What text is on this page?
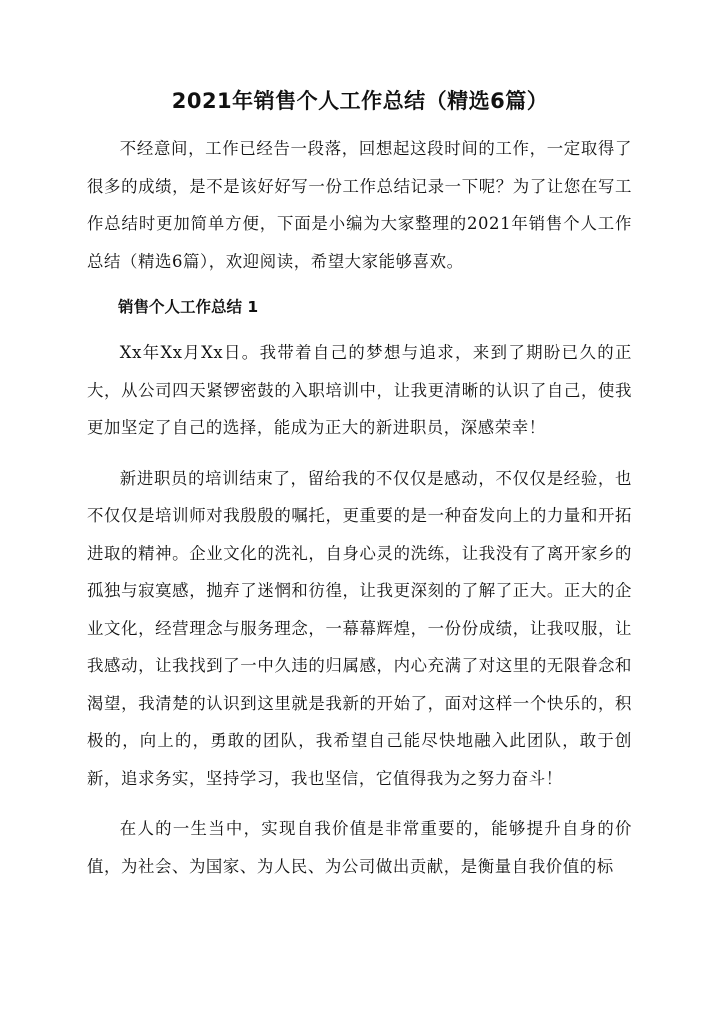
2021年销售个人工作总结（精选6篇）

不经意间，工作已经告一段落，回想起这段时间的工作，一定取得了很多的成绩，是不是该好好写一份工作总结记录一下呢？为了让您在写工作总结时更加简单方便，下面是小编为大家整理的2021年销售个人工作总结（精选6篇），欢迎阅读，希望大家能够喜欢。

销售个人工作总结 1

Xx年Xx月Xx日。我带着自己的梦想与追求，来到了期盼已久的正大，从公司四天紧锣密鼓的入职培训中，让我更清晰的认识了自己，使我更加坚定了自己的选择，能成为正大的新进职员，深感荣幸！

新进职员的培训结束了，留给我的不仅仅是感动，不仅仅是经验，也不仅仅是培训师对我殷殷的嘱托，更重要的是一种奋发向上的力量和开拓进取的精神。企业文化的洗礼，自身心灵的洗练，让我没有了离开家乡的孤独与寂寞感，抛弃了迷惘和彷徨，让我更深刻的了解了正大。正大的企业文化，经营理念与服务理念，一幕幕辉煌，一份份成绩，让我叹服，让我感动，让我找到了一中久违的归属感，内心充满了对这里的无限眷念和渴望，我清楚的认识到这里就是我新的开始了，面对这样一个快乐的，积极的，向上的，勇敢的团队，我希望自己能尽快地融入此团队，敢于创新，追求务实，坚持学习，我也坚信，它值得我为之努力奋斗！

在人的一生当中，实现自我价值是非常重要的，能够提升自身的价值，为社会、为国家、为人民、为公司做出贡献，是衡量自我价值的标
